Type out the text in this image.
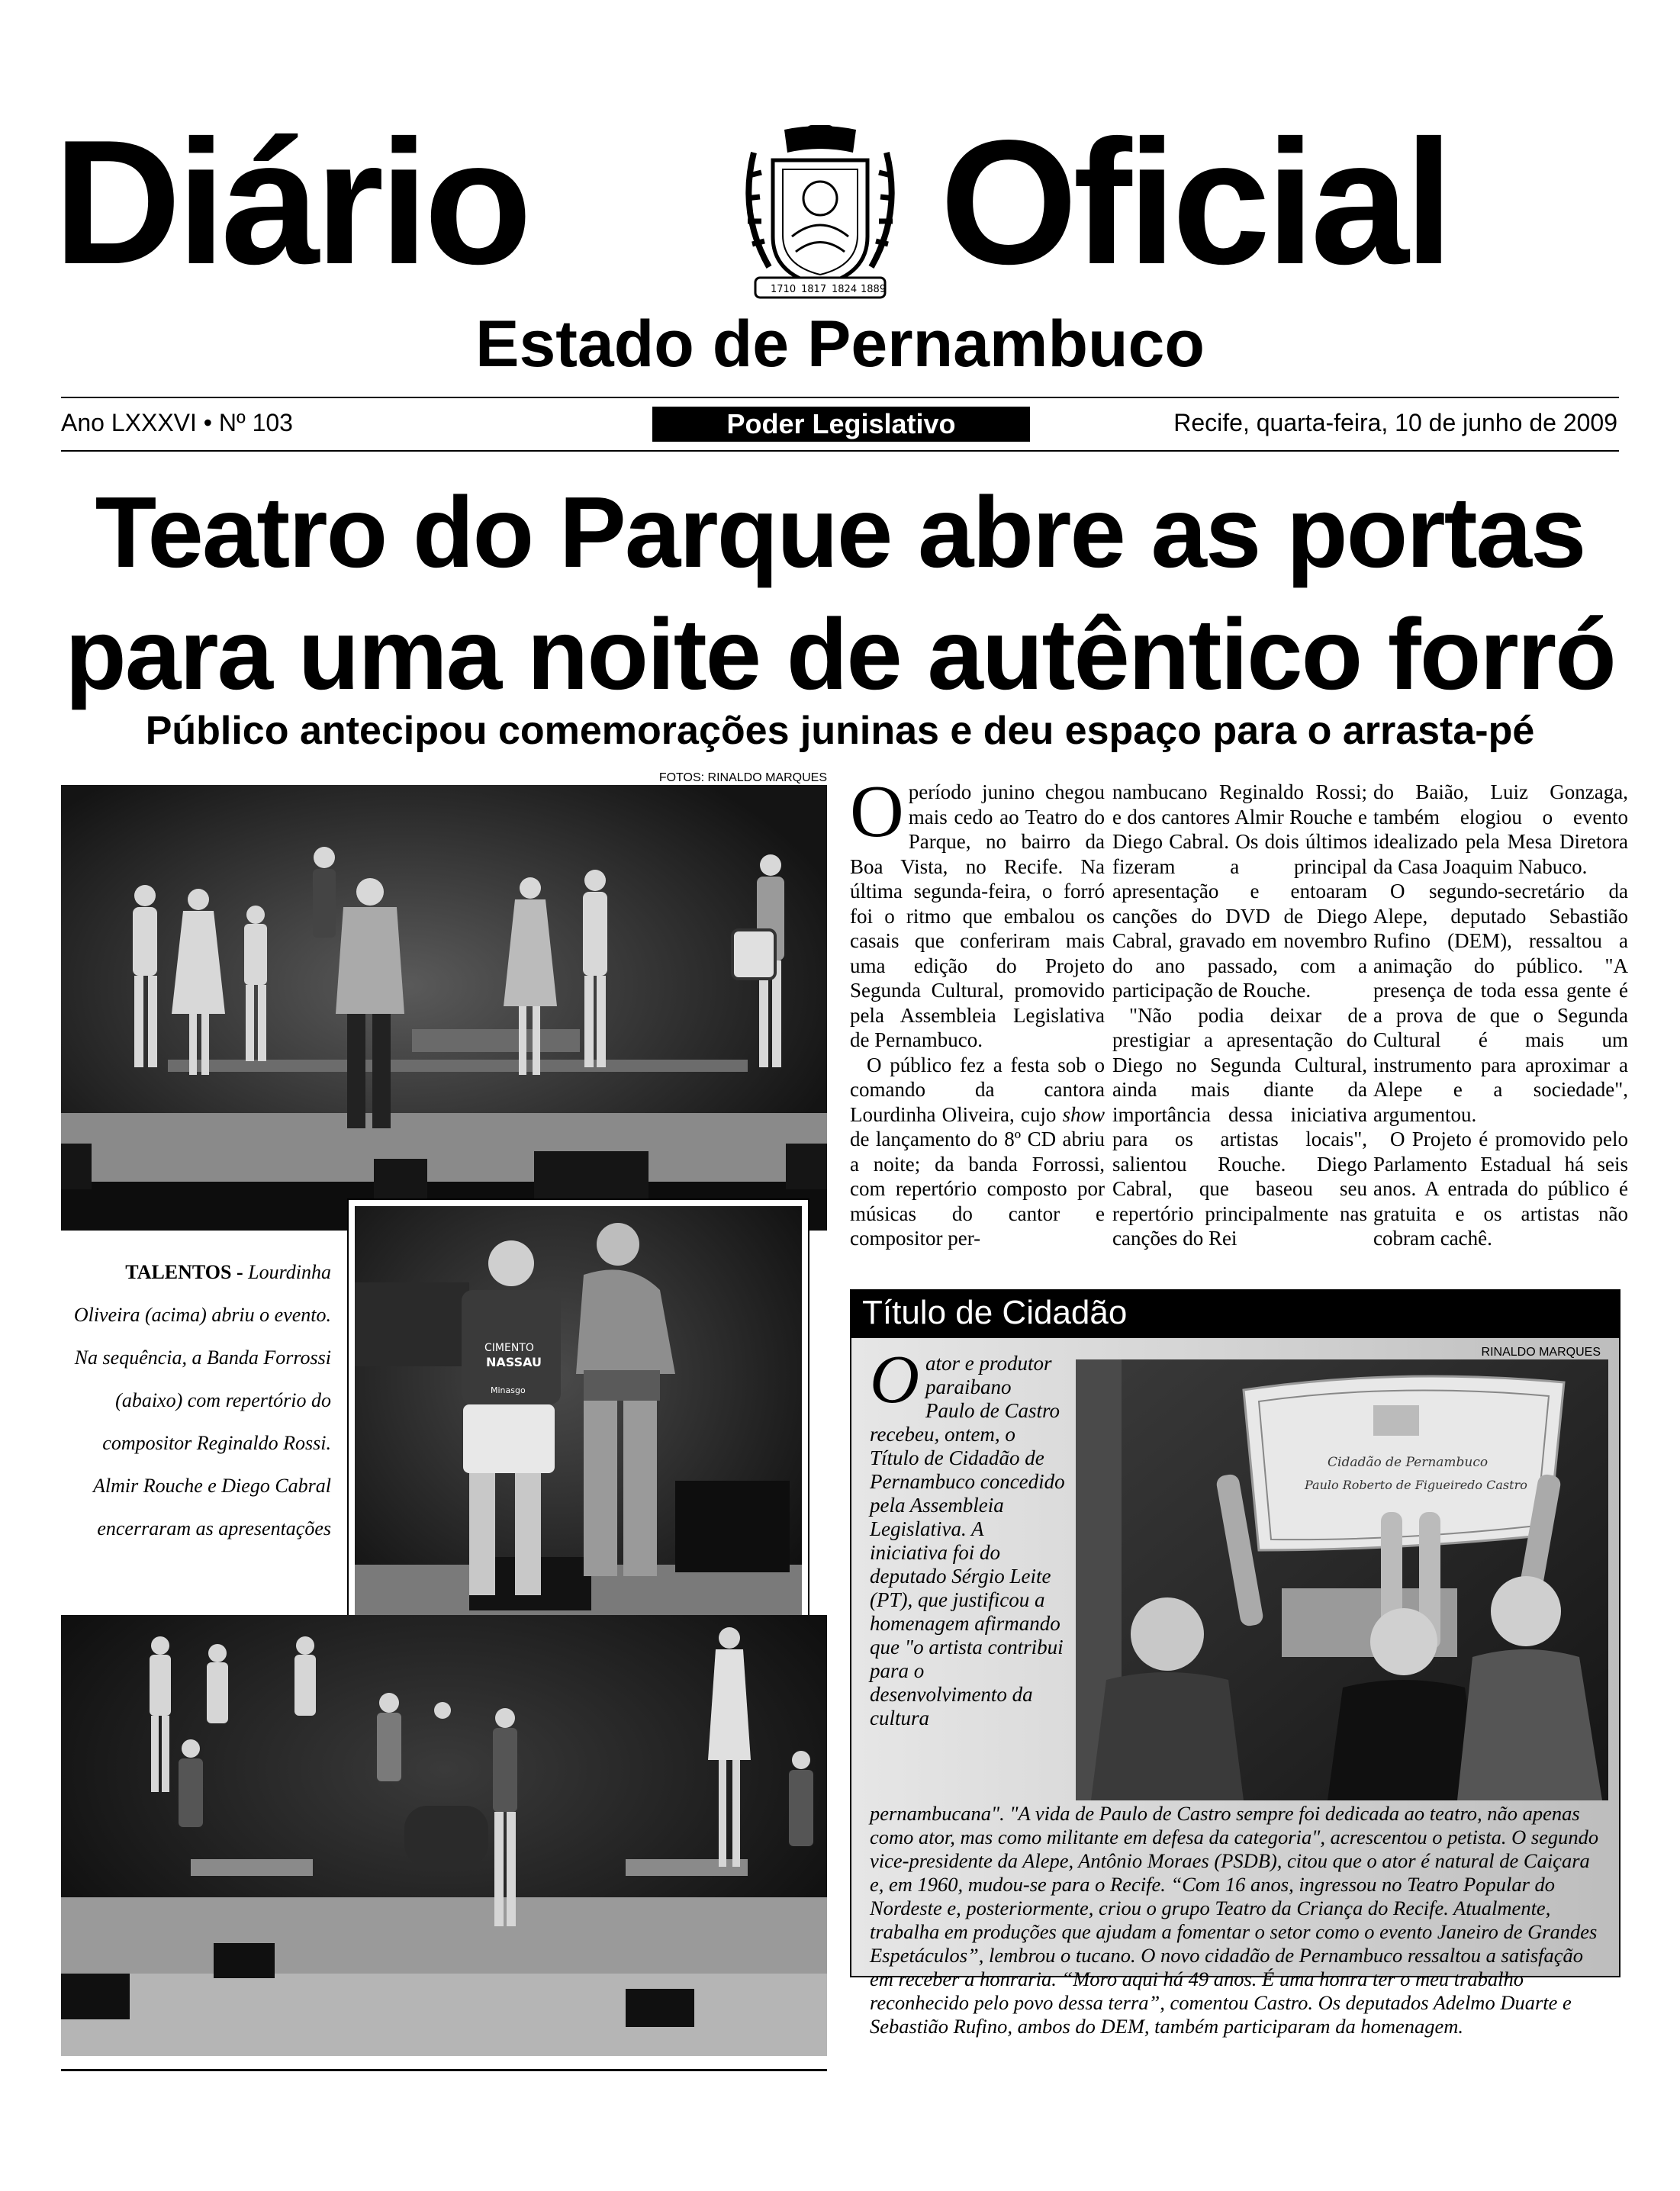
Diário	1710 1817 1824 1889 Oficial
Estado de Pernambuco
Ano LXXXVI • Nº 103	Poder Legislativo	Recife, quarta-feira, 10 de junho de 2009
Teatro do Parque abre as portas
para uma noite de autêntico forró
Público antecipou comemorações juninas e deu espaço para o arrasta-pé
FOTOS: RINALDO MARQUES
TALENTOS - Lourdinha Oliveira (acima) abriu o evento. Na sequência, a Banda Forrossi (abaixo) com repertório do compositor Reginaldo Rossi. Almir Rouche e Diego Cabral encerraram as apresentações
CIMENTO
NASSAU
Minasgo

Operíodo junino chegou mais cedo ao Teatro do Parque, no bairro da Boa Vista, no Recife. Na última segunda-feira, o forró foi o ritmo que embalou os casais que conferiram mais uma edição do Projeto Segunda Cultural, promovido pela Assembleia Legislativa de Pernambuco.

O público fez a festa sob o comando da cantora Lourdinha Oliveira, cujo show de lançamento do 8º CD abriu a noite; da banda Forrossi, com repertório composto por músicas do cantor e compositor per-

nambucano Reginaldo Rossi; e dos cantores Almir Rouche e Diego Cabral. Os dois últimos fizeram a principal apresentação e entoaram canções do DVD de Diego Cabral, gravado em novembro do ano passado, com a participação de Rouche.

"Não podia deixar de prestigiar a apresentação do Diego no Segunda Cultural, ainda mais diante da importância dessa iniciativa para os artistas locais", salientou Rouche. Diego Cabral, que baseou seu repertório principalmente nas canções do Rei

do Baião, Luiz Gonzaga, também elogiou o evento idealizado pela Mesa Diretora da Casa Joaquim Nabuco.

O segundo-secretário da Alepe, deputado Sebastião Rufino (DEM), ressaltou a animação do público. "A presença de toda essa gente é a prova de que o Segunda Cultural é mais um instrumento para aproximar a Alepe e a sociedade", argumentou.

O Projeto é promovido pelo Parlamento Estadual há seis anos. A entrada do público é gratuita e os artistas não cobram cachê.

Título de Cidadão
RINALDO MARQUES
Cidadão de Pernambuco
Paulo Roberto de Figueiredo Castro
Oator e produtor paraibano Paulo de Castro recebeu, ontem, o Título de Cidadão de Pernambuco concedido pela Assembleia Legislativa. A iniciativa foi do deputado Sérgio Leite (PT), que justificou a homenagem afirmando que "o artista contribui para o desenvolvimento da cultura
pernambucana". "A vida de Paulo de Castro sempre foi dedicada ao teatro, não apenas como ator, mas como militante em defesa da categoria", acrescentou o petista. O segundo vice-presidente da Alepe, Antônio Moraes (PSDB), citou que o ator é natural de Caiçara e, em 1960, mudou-se para o Recife. “Com 16 anos, ingressou no Teatro Popular do Nordeste e, posteriormente, criou o grupo Teatro da Criança do Recife. Atualmente, trabalha em produções que ajudam a fomentar o setor como o evento Janeiro de Grandes Espetáculos”, lembrou o tucano. O novo cidadão de Pernambuco ressaltou a satisfação em receber a honraria. “Moro aqui há 49 anos. É uma honra ter o meu trabalho reconhecido pelo povo dessa terra”, comentou Castro. Os deputados Adelmo Duarte e Sebastião Rufino, ambos do DEM, também participaram da homenagem.
